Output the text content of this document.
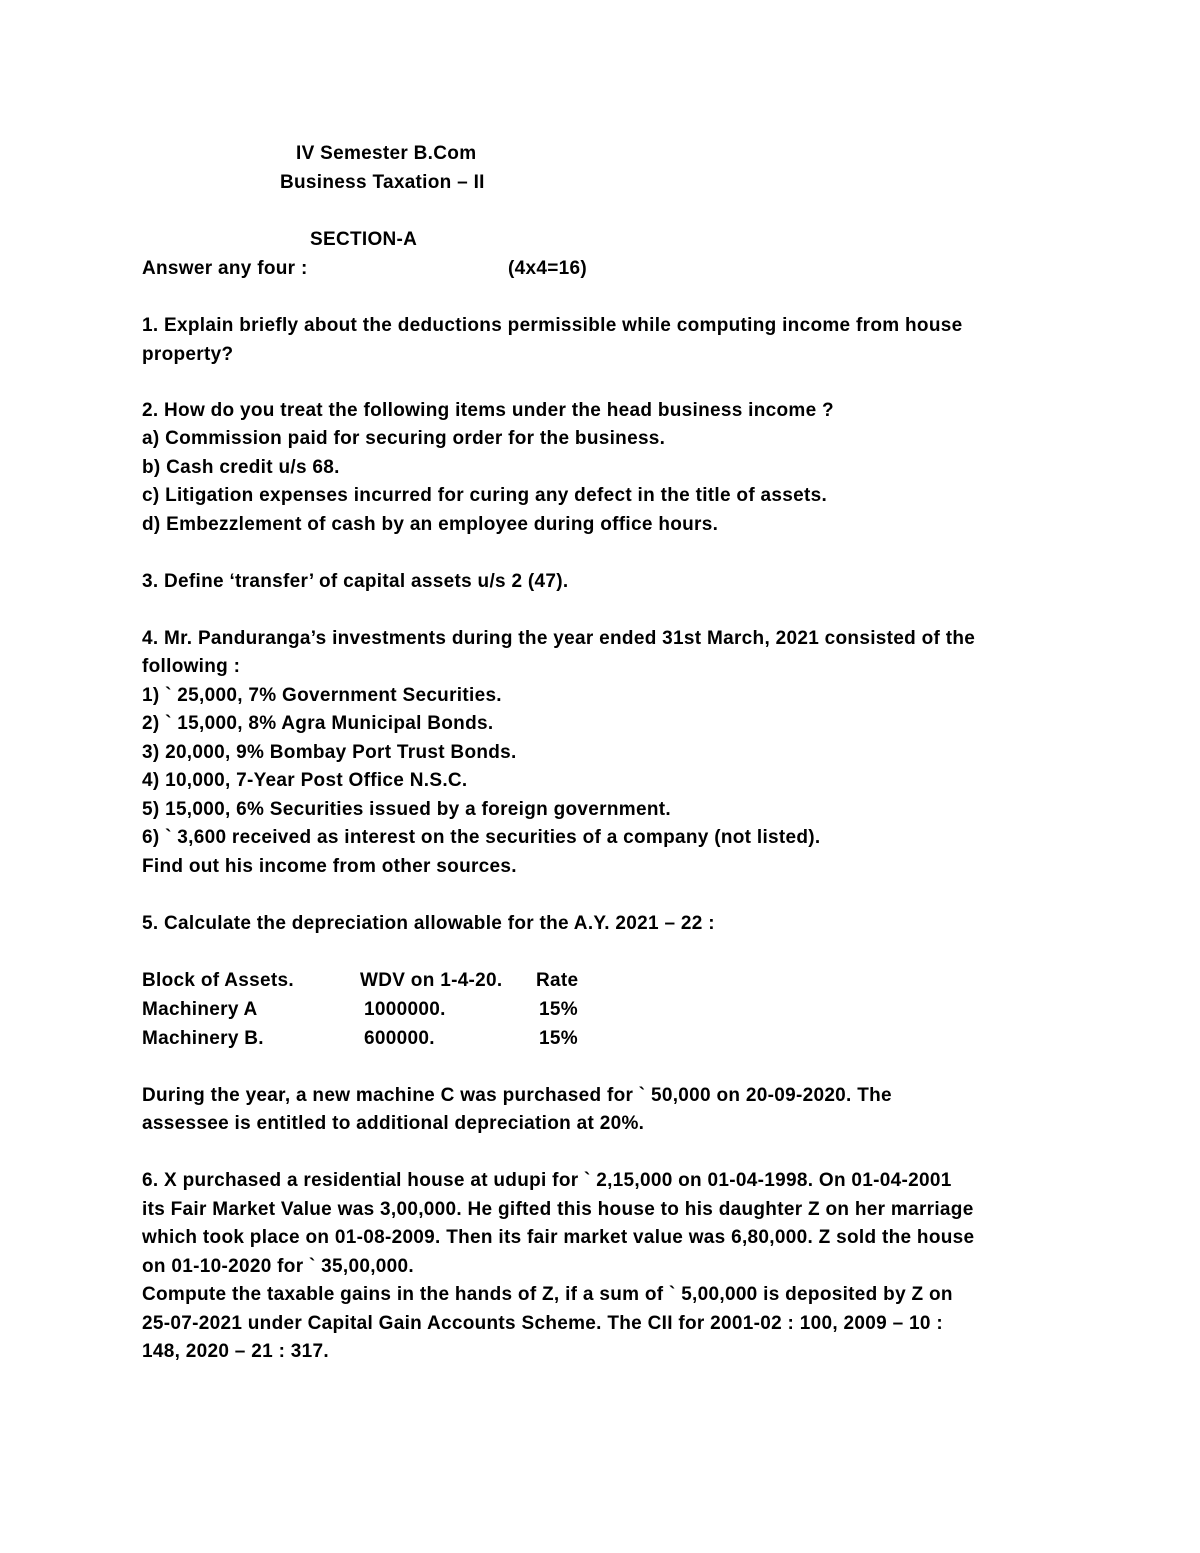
IV Semester B.Com
Business Taxation – II
SECTION-A
Answer any four :	(4x4=16)
1. Explain briefly about the deductions permissible while computing income from house
property?
2. How do you treat the following items under the head business income ?
a) Commission paid for securing order for the business.
b) Cash credit u/s 68.
c) Litigation expenses incurred for curing any defect in the title of assets.
d) Embezzlement of cash by an employee during office hours.
3. Define ‘transfer’ of capital assets u/s 2 (47).
4. Mr. Panduranga’s investments during the year ended 31st March, 2021 consisted of the
following :
1) ` 25,000, 7% Government Securities.
2) ` 15,000, 8% Agra Municipal Bonds.
3) 20,000, 9% Bombay Port Trust Bonds.
4) 10,000, 7-Year Post Office N.S.C.
5) 15,000, 6% Securities issued by a foreign government.
6) ` 3,600 received as interest on the securities of a company (not listed).
Find out his income from other sources.
5. Calculate the depreciation allowable for the A.Y. 2021 – 22 :
Block of Assets.	WDV on 1-4-20. Rate
Machinery A	1000000.	15%
Machinery B.	600000.	15%
During the year, a new machine C was purchased for ` 50,000 on 20-09-2020. The
assessee is entitled to additional depreciation at 20%.
6. X purchased a residential house at udupi for ` 2,15,000 on 01-04-1998. On 01-04-2001
its Fair Market Value was 3,00,000. He gifted this house to his daughter Z on her marriage
which took place on 01-08-2009. Then its fair market value was 6,80,000. Z sold the house
on 01-10-2020 for ` 35,00,000.
Compute the taxable gains in the hands of Z, if a sum of ` 5,00,000 is deposited by Z on
25-07-2021 under Capital Gain Accounts Scheme. The CII for 2001-02 : 100, 2009 – 10 :
148, 2020 – 21 : 317.
